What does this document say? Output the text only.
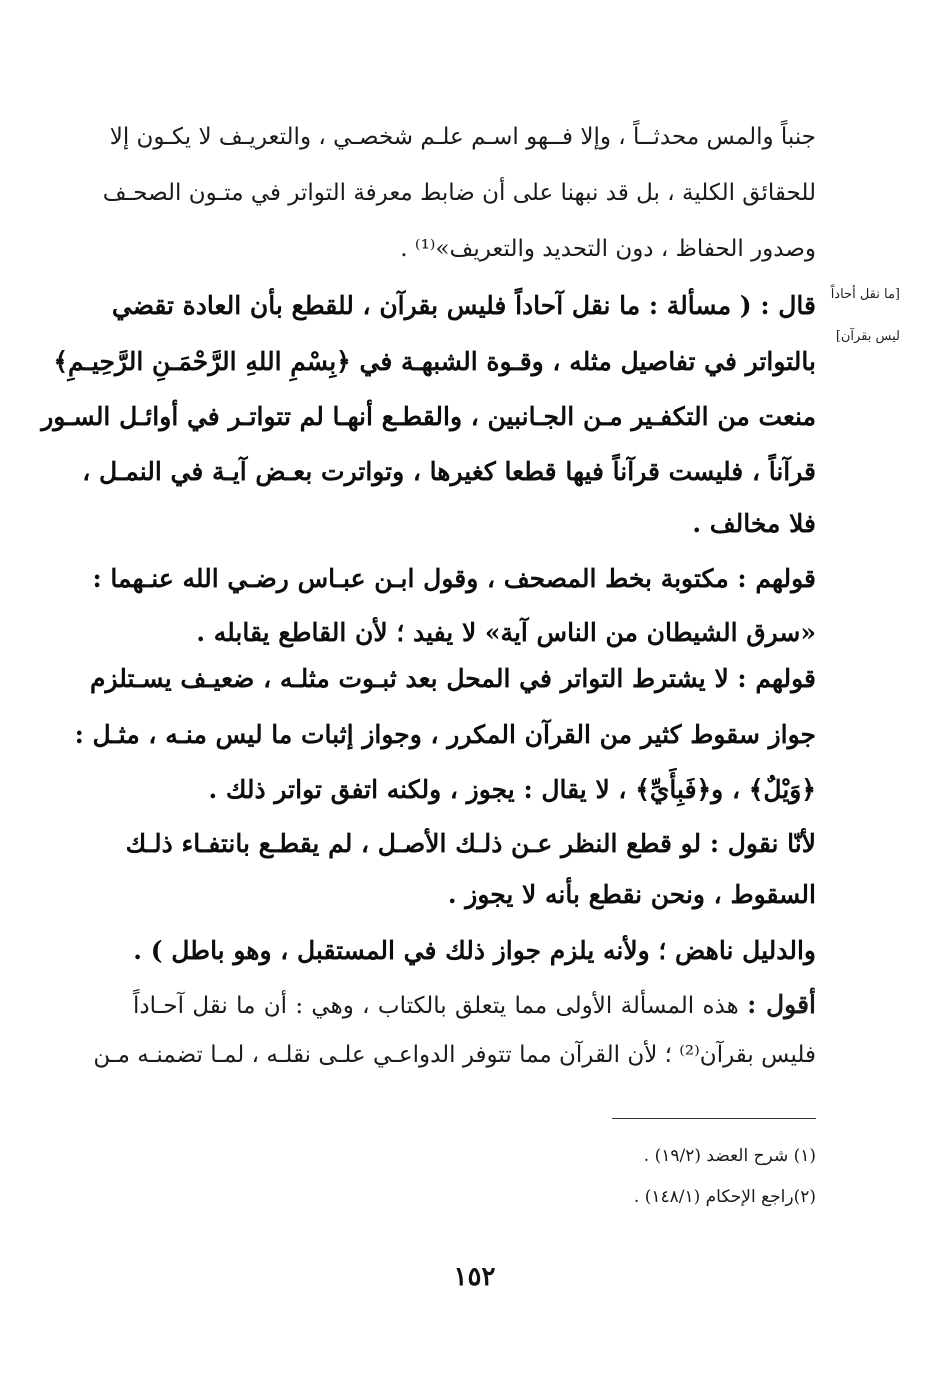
[ما نقل أحاداً
ليس بقرآن]
جنباً والمس محدثــاً ، وإلا فــهو اسـم علـم شخصـي ، والتعريـف لا يكـون إلا
للحقائق الكلية ، بل قد نبهنا على أن ضابط معرفة التواتر في متـون الصحـف
وصدور الحفاظ ، دون التحديد والتعريف»⁽¹⁾ .
قال : ( مسألة : ما نقل آحاداً فليس بقرآن ، للقطع بأن العادة تقضي
بالتواتر في تفاصيل مثله ، وقـوة الشبهـة في ﴿بِسْمِ اللهِ الرَّحْمَـنِ الرَّحِيـمِ﴾
منعت من التكفـير مـن الجـانبين ، والقطـع أنهـا لم تتواتـر في أوائـل السـور
قرآناً ، فليست قرآناً فيها قطعا كغيرها ، وتواترت بعـض آيـة في النمـل ،
فلا مخالف .
قولهم : مكتوبة بخط المصحف ، وقول ابـن عبـاس رضـي الله عنـهما :
«سرق الشيطان من الناس آية» لا يفيد ؛ لأن القاطع يقابله .
قولهم : لا يشترط التواتر في المحل بعد ثبـوت مثلـه ، ضعيـف يسـتلزم
جواز سقوط كثير من القرآن المكرر ، وجواز إثبات ما ليس منـه ، مثـل :
﴿وَيْلٌ﴾ ، و﴿فَبِأَيِّ﴾ ، لا يقال : يجوز ، ولكنه اتفق تواتر ذلك .
لأنّا نقول : لو قطع النظر عـن ذلـك الأصـل ، لم يقطـع بانتفـاء ذلـك
السقوط ، ونحن نقطع بأنه لا يجوز .
والدليل ناهض ؛ ولأنه يلزم جواز ذلك في المستقبل ، وهو باطل ) .
أقول : هذه المسألة الأولى مما يتعلق بالكتاب ، وهي : أن ما نقل آحـاداً
فليس بقرآن⁽²⁾ ؛ لأن القرآن مما تتوفر الدواعـي علـى نقلـه ، لمـا تضمنـه مـن
(١) شرح العضد (١٩/٢) .
(٢)راجع الإحكام (١٤٨/١) .
١٥٢
